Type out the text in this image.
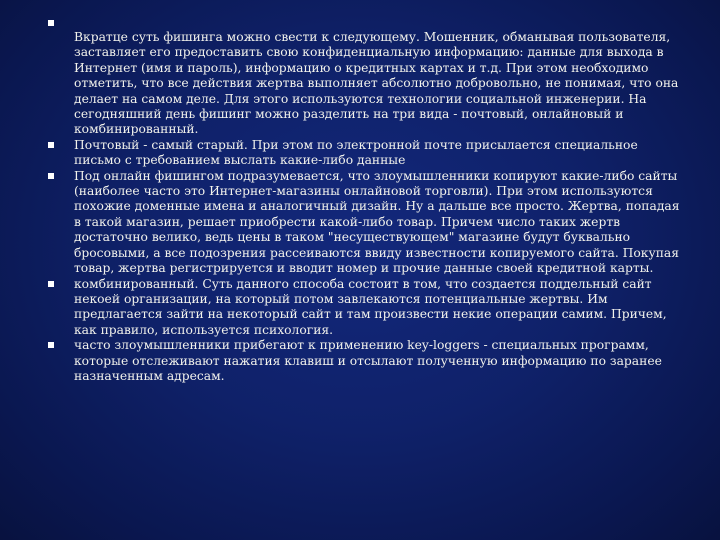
Вкратце суть фишинга можно свести к следующему. Мошенник, обманывая пользователя, заставляет его предоставить свою конфиденциальную информацию: данные для выхода в Интернет (имя и пароль), информацию о кредитных картах и т.д. При этом необходимо отметить, что все действия жертва выполняет абсолютно добровольно, не понимая, что она делает на самом деле. Для этого используются технологии социальной инженерии. На сегодняшний день фишинг можно разделить на три вида - почтовый, онлайновый и комбинированный.
Почтовый - самый старый. При этом по электронной почте присылается специальное письмо с требованием выслать какие-либо данные
Под онлайн фишингом подразумевается, что злоумышленники копируют какие-либо сайты (наиболее часто это Интернет-магазины онлайновой торговли). При этом используются похожие доменные имена и аналогичный дизайн. Ну а дальше все просто. Жертва, попадая в такой магазин, решает приобрести какой-либо товар. Причем число таких жертв достаточно велико, ведь цены в таком "несуществующем" магазине будут буквально бросовыми, а все подозрения рассеиваются ввиду известности копируемого сайта. Покупая товар, жертва регистрируется и вводит номер и прочие данные своей кредитной карты.
комбинированный. Суть данного способа состоит в том, что создается поддельный сайт некоей организации, на который потом завлекаются потенциальные жертвы. Им предлагается зайти на некоторый сайт и там произвести некие операции самим. Причем, как правило, используется психология.
часто злоумышленники прибегают к применению key-loggers - специальных программ, которые отслеживают нажатия клавиш и отсылают полученную информацию по заранее назначенным адресам.
